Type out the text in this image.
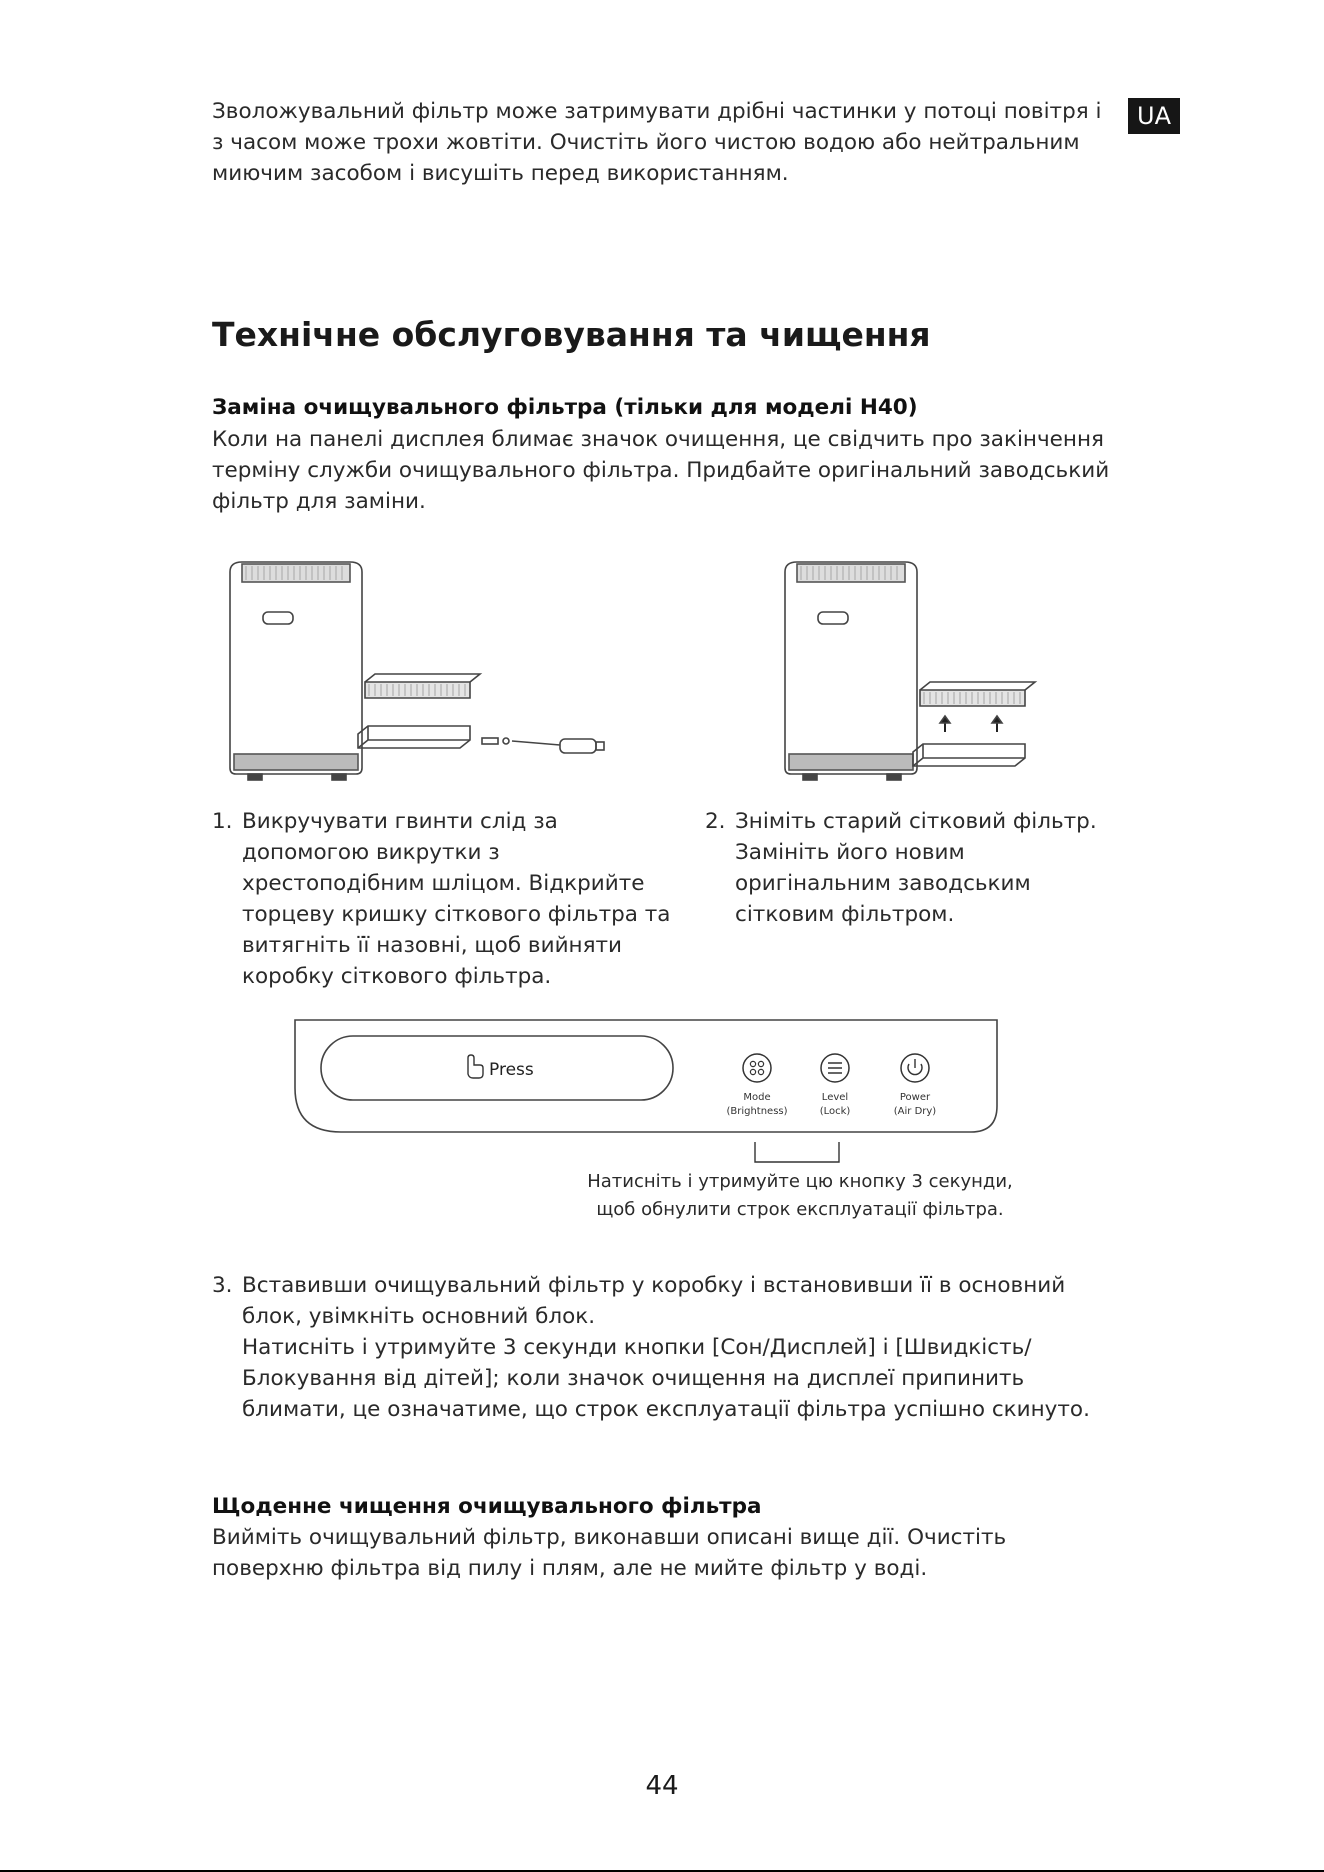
Зволожувальний фільтр може затримувати дрібні частинки у потоці повітря і з часом може трохи жовтіти. Очистіть його чистою водою або нейтральним миючим засобом і висушіть перед використанням.
UA
Технічне обслуговування та чищення
Заміна очищувального фільтра (тільки для моделі H40)
Коли на панелі дисплея блимає значок очищення, це свідчить про закінчення терміну служби очищувального фільтра. Придбайте оригінальний заводський фільтр для заміни.
1. Викручувати гвинти слід за допомогою викрутки з хрестоподібним шліцом. Відкрийте торцеву кришку сіткового фільтра та витягніть її назовні, щоб вийняти коробку сіткового фільтра.
2. Зніміть старий сітковий фільтр. Замініть його новим оригінальним заводським сітковим фільтром.
Press
Mode
(Brightness)
Level
(Lock)
Power
(Air Dry)
Натисніть і утримуйте цю кнопку 3 секунди,
щоб обнулити строк експлуатації фільтра.
3. Вставивши очищувальний фільтр у коробку і встановивши її в основний блок, увімкніть основний блок.
Натисніть і утримуйте 3 секунди кнопки [Сон/Дисплей] і [Швидкість/Блокування від дітей]; коли значок очищення на дисплеї припинить блимати, це означатиме, що строк експлуатації фільтра успішно скинуто.
Щоденне чищення очищувального фільтра
Вийміть очищувальний фільтр, виконавши описані вище дії. Очистіть поверхню фільтра від пилу і плям, але не мийте фільтр у воді.
44
